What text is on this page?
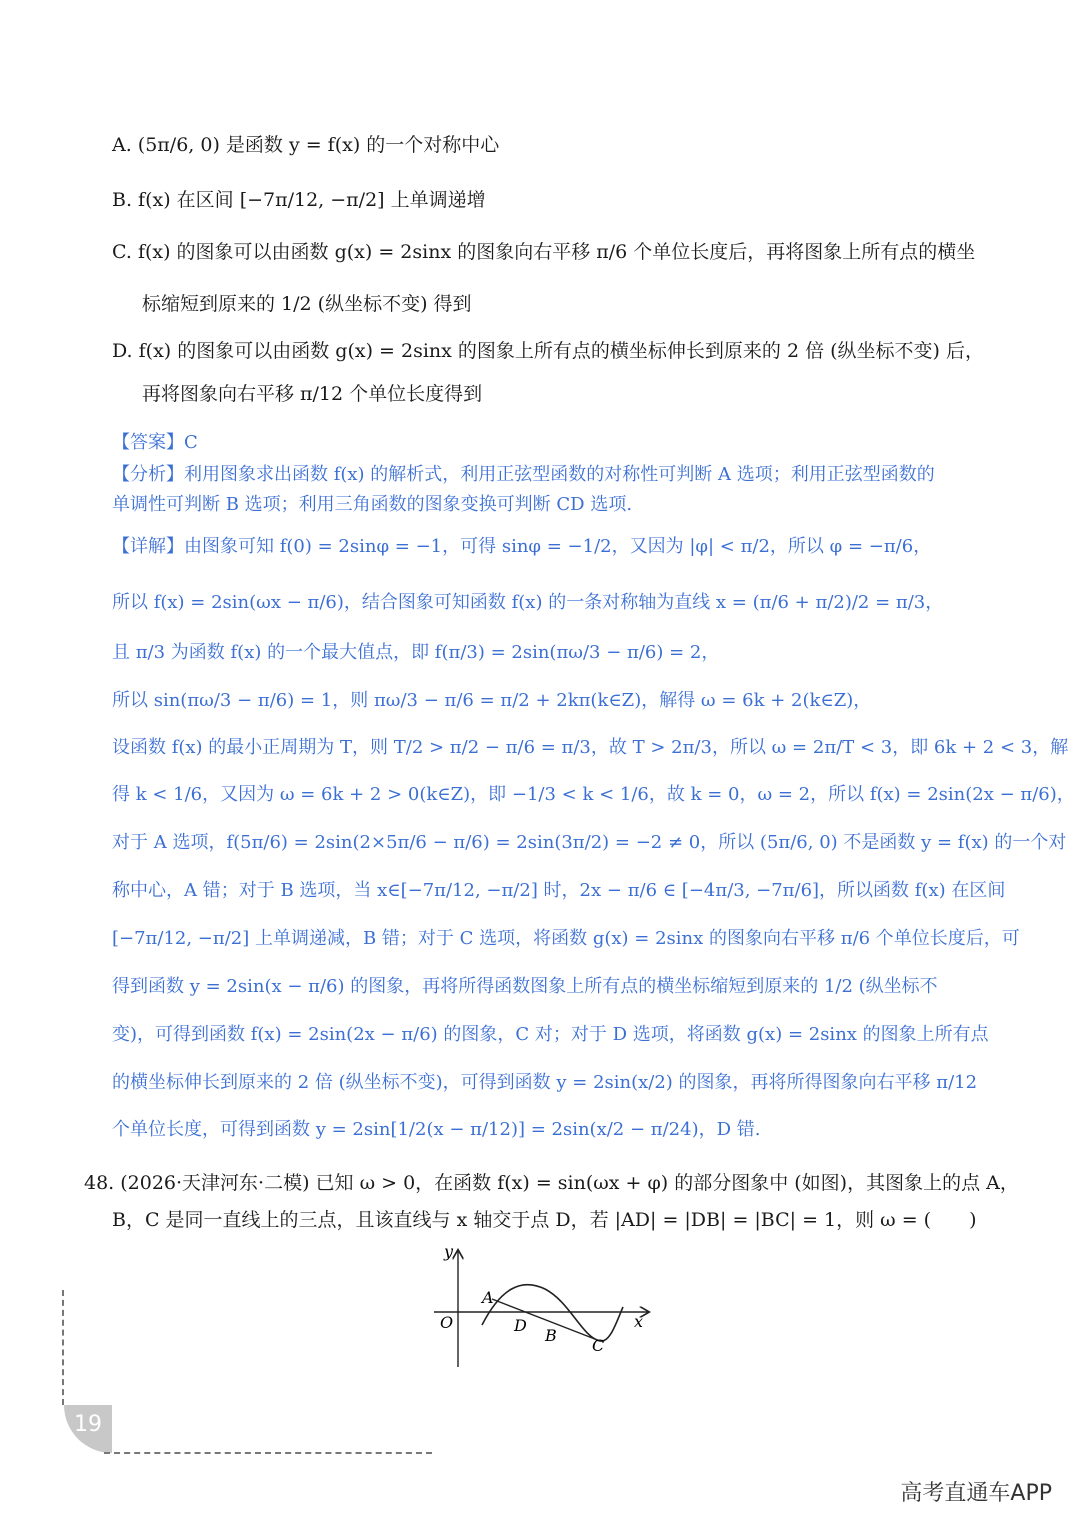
A. (5π/6, 0) 是函数 y = f(x) 的一个对称中心
B. f(x) 在区间 [−7π/12, −π/2] 上单调递增
C. f(x) 的图象可以由函数 g(x) = 2sinx 的图象向右平移 π/6 个单位长度后，再将图象上所有点的横坐
标缩短到原来的 1/2 (纵坐标不变) 得到
D. f(x) 的图象可以由函数 g(x) = 2sinx 的图象上所有点的横坐标伸长到原来的 2 倍 (纵坐标不变) 后，
再将图象向右平移 π/12 个单位长度得到
【答案】C
【分析】利用图象求出函数 f(x) 的解析式，利用正弦型函数的对称性可判断 A 选项；利用正弦型函数的
单调性可判断 B 选项；利用三角函数的图象变换可判断 CD 选项.
【详解】由图象可知 f(0) = 2sinφ = −1，可得 sinφ = −1/2，又因为 |φ| < π/2，所以 φ = −π/6，
所以 f(x) = 2sin(ωx − π/6)，结合图象可知函数 f(x) 的一条对称轴为直线 x = (π/6 + π/2)/2 = π/3，
且 π/3 为函数 f(x) 的一个最大值点，即 f(π/3) = 2sin(πω/3 − π/6) = 2，
所以 sin(πω/3 − π/6) = 1，则 πω/3 − π/6 = π/2 + 2kπ(k∈Z)，解得 ω = 6k + 2(k∈Z)，
设函数 f(x) 的最小正周期为 T，则 T/2 > π/2 − π/6 = π/3，故 T > 2π/3，所以 ω = 2π/T < 3，即 6k + 2 < 3，解
得 k < 1/6，又因为 ω = 6k + 2 > 0(k∈Z)，即 −1/3 < k < 1/6，故 k = 0，ω = 2，所以 f(x) = 2sin(2x − π/6)，
对于 A 选项，f(5π/6) = 2sin(2×5π/6 − π/6) = 2sin(3π/2) = −2 ≠ 0，所以 (5π/6, 0) 不是函数 y = f(x) 的一个对
称中心，A 错；对于 B 选项，当 x∈[−7π/12, −π/2] 时，2x − π/6 ∈ [−4π/3, −7π/6]，所以函数 f(x) 在区间
[−7π/12, −π/2] 上单调递减，B 错；对于 C 选项，将函数 g(x) = 2sinx 的图象向右平移 π/6 个单位长度后，可
得到函数 y = 2sin(x − π/6) 的图象，再将所得函数图象上所有点的横坐标缩短到原来的 1/2 (纵坐标不
变)，可得到函数 f(x) = 2sin(2x − π/6) 的图象，C 对；对于 D 选项，将函数 g(x) = 2sinx 的图象上所有点
的横坐标伸长到原来的 2 倍 (纵坐标不变)，可得到函数 y = 2sin(x/2) 的图象，再将所得图象向右平移 π/12
个单位长度，可得到函数 y = 2sin[1/2(x − π/12)] = 2sin(x/2 − π/24)，D 错.
48. (2026·天津河东·二模) 已知 ω > 0，在函数 f(x) = sin(ωx + φ) 的部分图象中 (如图)，其图象上的点 A，
B，C 是同一直线上的三点，且该直线与 x 轴交于点 D，若 |AD| = |DB| = |BC| = 1，则 ω = (　　)
y
x
O
A
D
B
C
19
高考直通车APP
